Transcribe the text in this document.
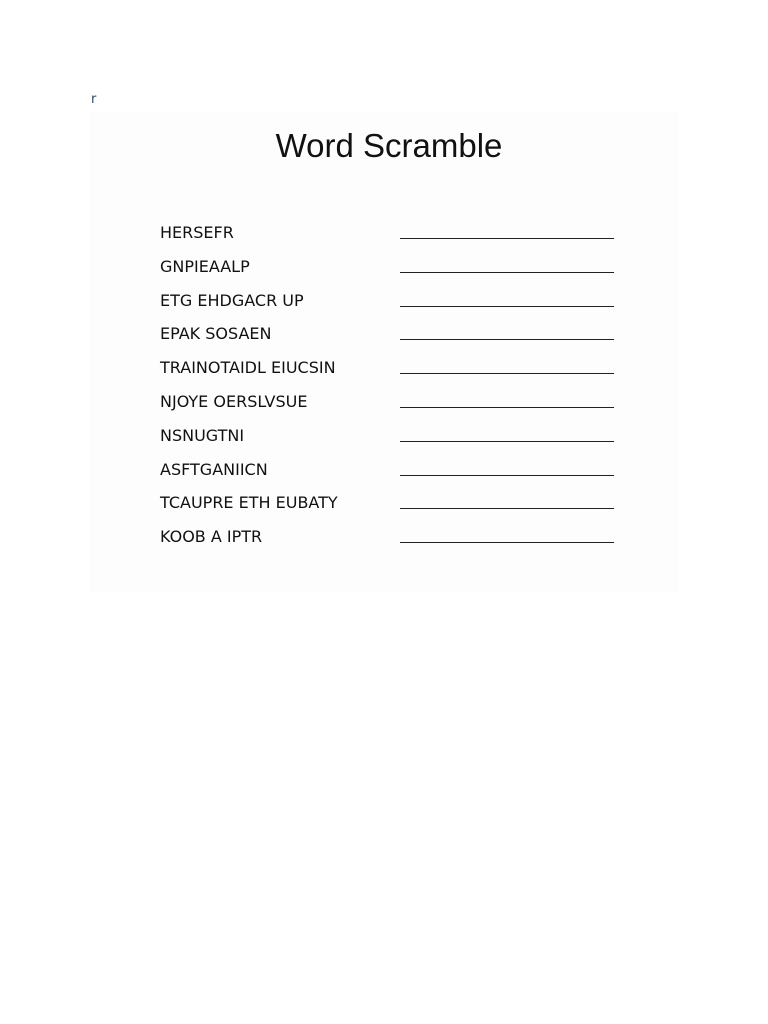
r
Word Scramble
HERSEFR
GNPIEAALP
ETG EHDGACR UP
EPAK SOSAEN
TRAINOTAIDL EIUCSIN
NJOYE OERSLVSUE
NSNUGTNI
ASFTGANIICN
TCAUPRE ETH EUBATY
KOOB A IPTR
